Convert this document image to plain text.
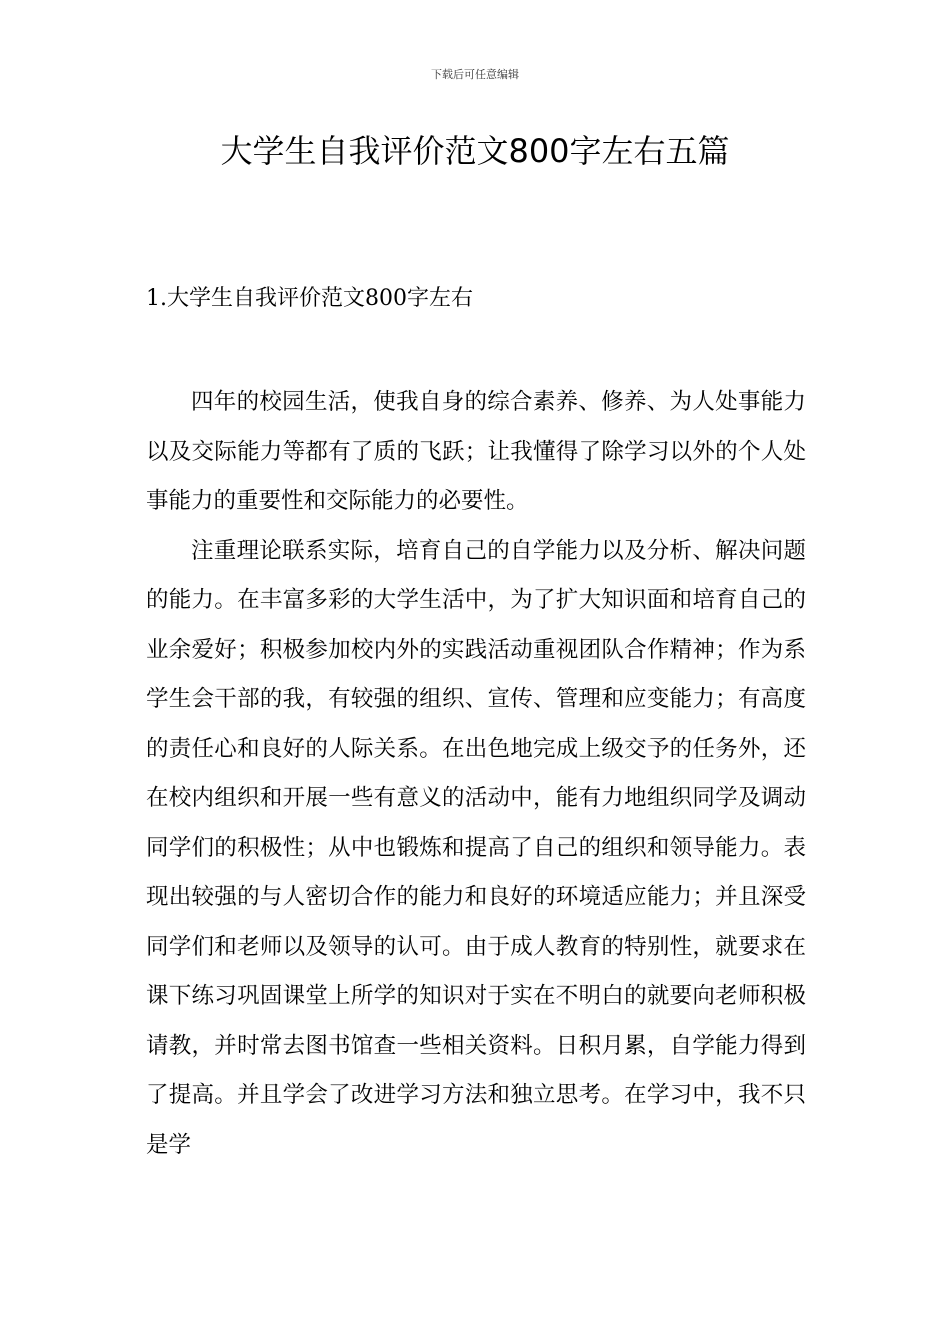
下载后可任意编辑
大学生自我评价范文800字左右五篇
1.大学生自我评价范文800字左右

四年的校园生活，使我自身的综合素养、修养、为人处事能力以及交际能力等都有了质的飞跃；让我懂得了除学习以外的个人处事能力的重要性和交际能力的必要性。

注重理论联系实际，培育自己的自学能力以及分析、解决问题的能力。在丰富多彩的大学生活中，为了扩大知识面和培育自己的业余爱好；积极参加校内外的实践活动重视团队合作精神；作为系学生会干部的我，有较强的组织、宣传、管理和应变能力；有高度的责任心和良好的人际关系。在出色地完成上级交予的任务外，还在校内组织和开展一些有意义的活动中，能有力地组织同学及调动同学们的积极性；从中也锻炼和提高了自己的组织和领导能力。表现出较强的与人密切合作的能力和良好的环境适应能力；并且深受同学们和老师以及领导的认可。由于成人教育的特别性，就要求在课下练习巩固课堂上所学的知识对于实在不明白的就要向老师积极请教，并时常去图书馆查一些相关资料。日积月累，自学能力得到了提高。并且学会了改进学习方法和独立思考。在学习中，我不只是学
